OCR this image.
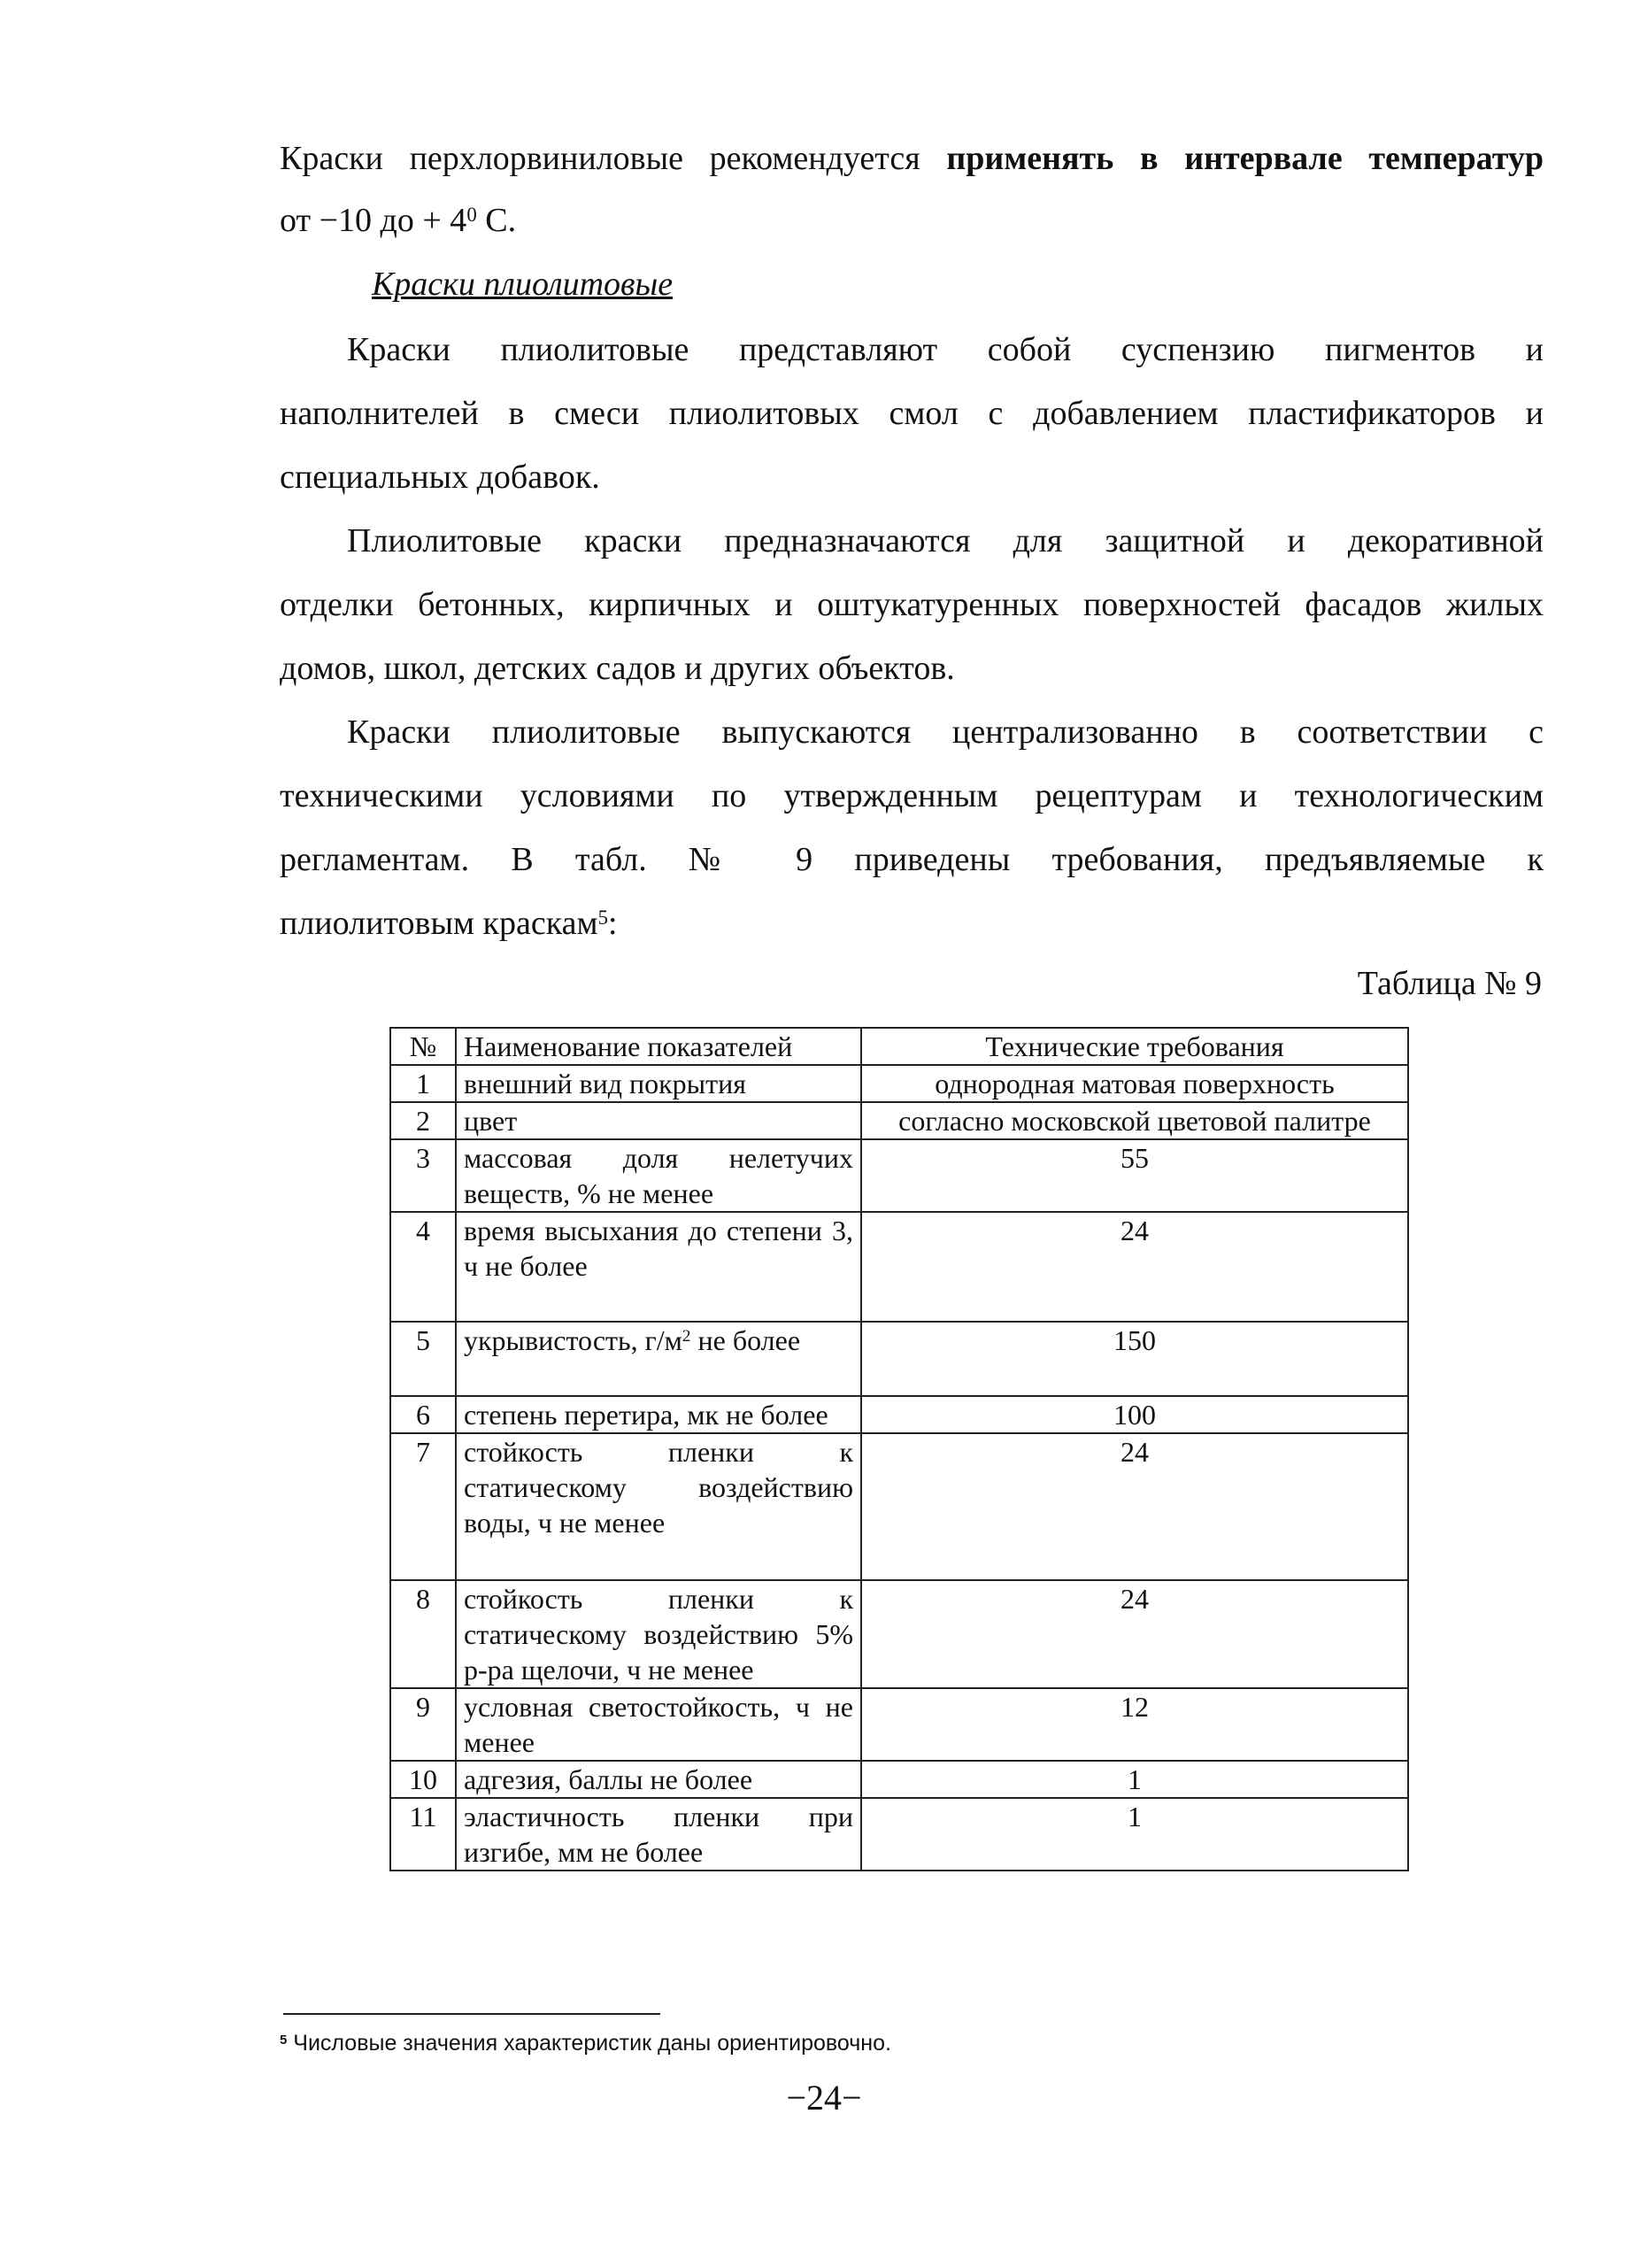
Краски перхлорвиниловые рекомендуется применять в интервале температур
от −10 до + $4^0$ С.
Краски плиолитовые
Краски плиолитовые представляют собой суспензию пигментов и
наполнителей в смеси плиолитовых смол с добавлением пластификаторов и
специальных добавок.
Плиолитовые краски предназначаются для защитной и декоративной
отделки бетонных, кирпичных и оштукатуренных поверхностей фасадов жилых
домов, школ, детских садов и других объектов.
Краски плиолитовые выпускаются централизованно в соответствии с
техническими условиями по утвержденным рецептурам и технологическим
регламентам. В табл. № 9 приведены требования, предъявляемые к
плиолитовым краскам$^5$:
Таблица № 9
№	Наименование показателей	Технические требования
1	внешний вид покрытия	однородная матовая поверхность
2	цвет	согласно московской цветовой палитре
3	массовая доля нелетучих веществ, % не менее	55
4	время высыхания до степени 3, ч не более	24
5	укрывистость, $г/м^2$ не более	150
6	степень перетира, мк не более	100
7	стойкость пленки к статическому воздействию воды, ч не менее	24
8	стойкость пленки к статическому воздействию 5% р-ра щелочи, ч не менее	24
9	условная светостойкость, ч не менее	12
10	адгезия, баллы не более	1
11	эластичность пленки при изгибе, мм не более	1
$^5$ Числовые значения характеристик даны ориентировочно.
−24−
